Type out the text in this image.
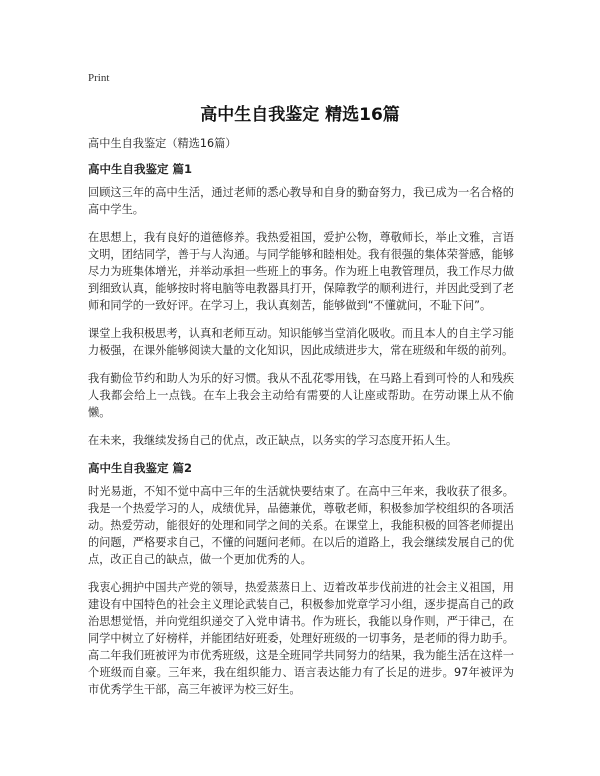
Print
高中生自我鉴定 精选16篇

高中生自我鉴定（精选16篇）

高中生自我鉴定 篇1

回顾这三年的高中生活，通过老师的悉心教导和自身的勤奋努力，我已成为一名合格的高中学生。

在思想上，我有良好的道德修养。我热爱祖国，爱护公物，尊敬师长，举止文雅，言语文明，团结同学，善于与人沟通。与同学能够和睦相处。我有很强的集体荣誉感，能够尽力为班集体增光，并举动承担一些班上的事务。作为班上电教管理员，我工作尽力做到细致认真，能够按时将电脑等电教器具打开，保障教学的顺利进行，并因此受到了老师和同学的一致好评。在学习上，我认真刻苦，能够做到“不懂就问，不耻下问”。

课堂上我积极思考，认真和老师互动。知识能够当堂消化吸收。而且本人的自主学习能力极强，在课外能够阅读大量的文化知识，因此成绩进步大，常在班级和年级的前列。

我有勤俭节约和助人为乐的好习惯。我从不乱花零用钱，在马路上看到可怜的人和残疾人我都会给上一点钱。在车上我会主动给有需要的人让座或帮助。在劳动课上从不偷懒。

在未来，我继续发扬自己的优点，改正缺点，以务实的学习态度开拓人生。

高中生自我鉴定 篇2

时光易逝，不知不觉中高中三年的生活就快要结束了。在高中三年来，我收获了很多。我是一个热爱学习的人，成绩优异，品德兼优，尊敬老师，积极参加学校组织的各项活动。热爱劳动，能很好的处理和同学之间的关系。在课堂上，我能积极的回答老师提出的问题，严格要求自己，不懂的问题问老师。在以后的道路上，我会继续发展自己的优点，改正自己的缺点，做一个更加优秀的人。

我衷心拥护中国共产党的领导，热爱蒸蒸日上、迈着改革步伐前进的社会主义祖国，用建设有中国特色的社会主义理论武装自己，积极参加党章学习小组，逐步提高自己的政治思想觉悟，并向党组织递交了入党申请书。作为班长，我能以身作则，严于律己，在同学中树立了好榜样，并能团结好班委，处理好班级的一切事务，是老师的得力助手。高二年我们班被评为市优秀班级，这是全班同学共同努力的结果，我为能生活在这样一个班级而自豪。三年来，我在组织能力、语言表达能力有了长足的进步。97年被评为市优秀学生干部，高三年被评为校三好生。
